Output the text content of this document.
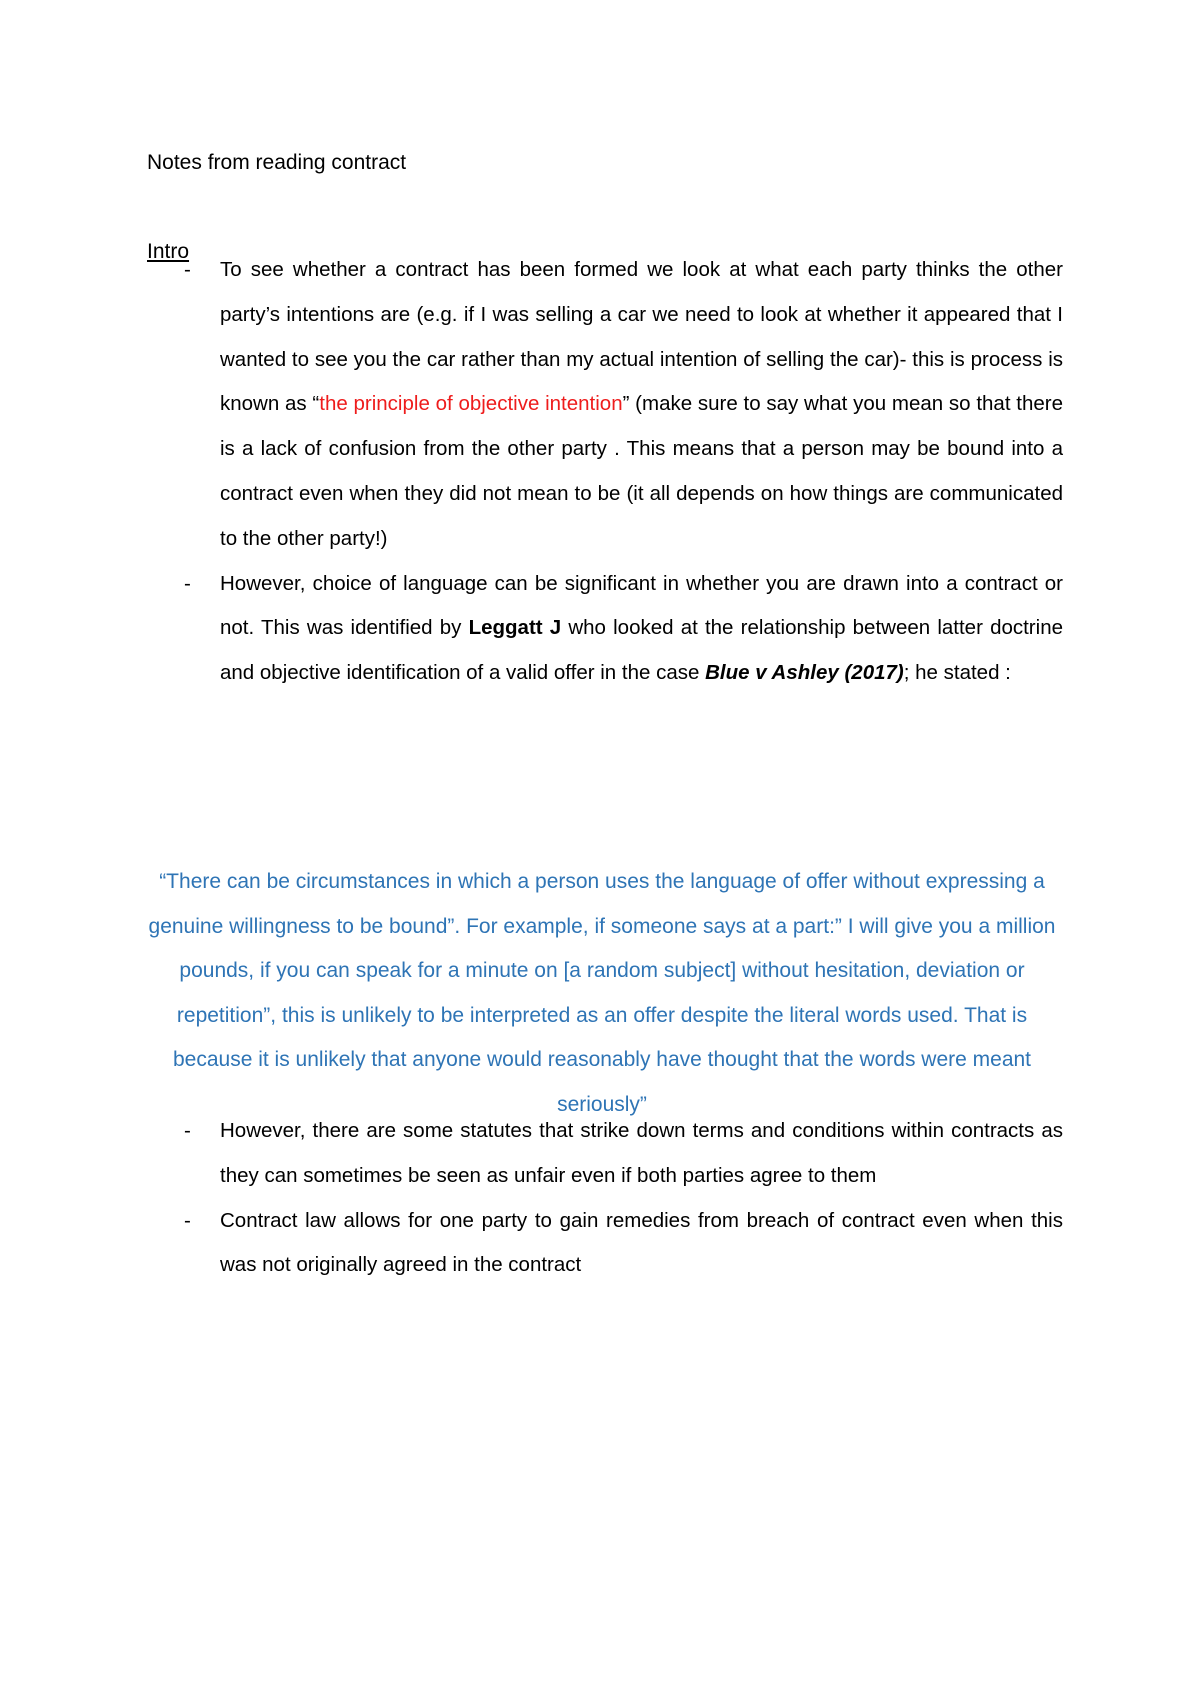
Notes from reading contract
Intro
- To see whether a contract has been formed we look at what each party thinks the other party’s intentions are (e.g. if I was selling a car we need to look at whether it appeared that I wanted to see you the car rather than my actual intention of selling the car)- this is process is known as “the principle of objective intention” (make sure to say what you mean so that there is a lack of confusion from the other party . This means that a person may be bound into a contract even when they did not mean to be (it all depends on how things are communicated to the other party!)
- However, choice of language can be significant in whether you are drawn into a contract or not. This was identified by Leggatt J who looked at the relationship between latter doctrine and objective identification of a valid offer in the case Blue v Ashley (2017); he stated :
“There can be circumstances in which a person uses the language of offer without expressing a genuine willingness to be bound”. For example, if someone says at a part:” I will give you a million pounds, if you can speak for a minute on [a random subject] without hesitation, deviation or repetition”, this is unlikely to be interpreted as an offer despite the literal words used. That is because it is unlikely that anyone would reasonably have thought that the words were meant seriously”
- However, there are some statutes that strike down terms and conditions within contracts as they can sometimes be seen as unfair even if both parties agree to them
- Contract law allows for one party to gain remedies from breach of contract even when this was not originally agreed in the contract
